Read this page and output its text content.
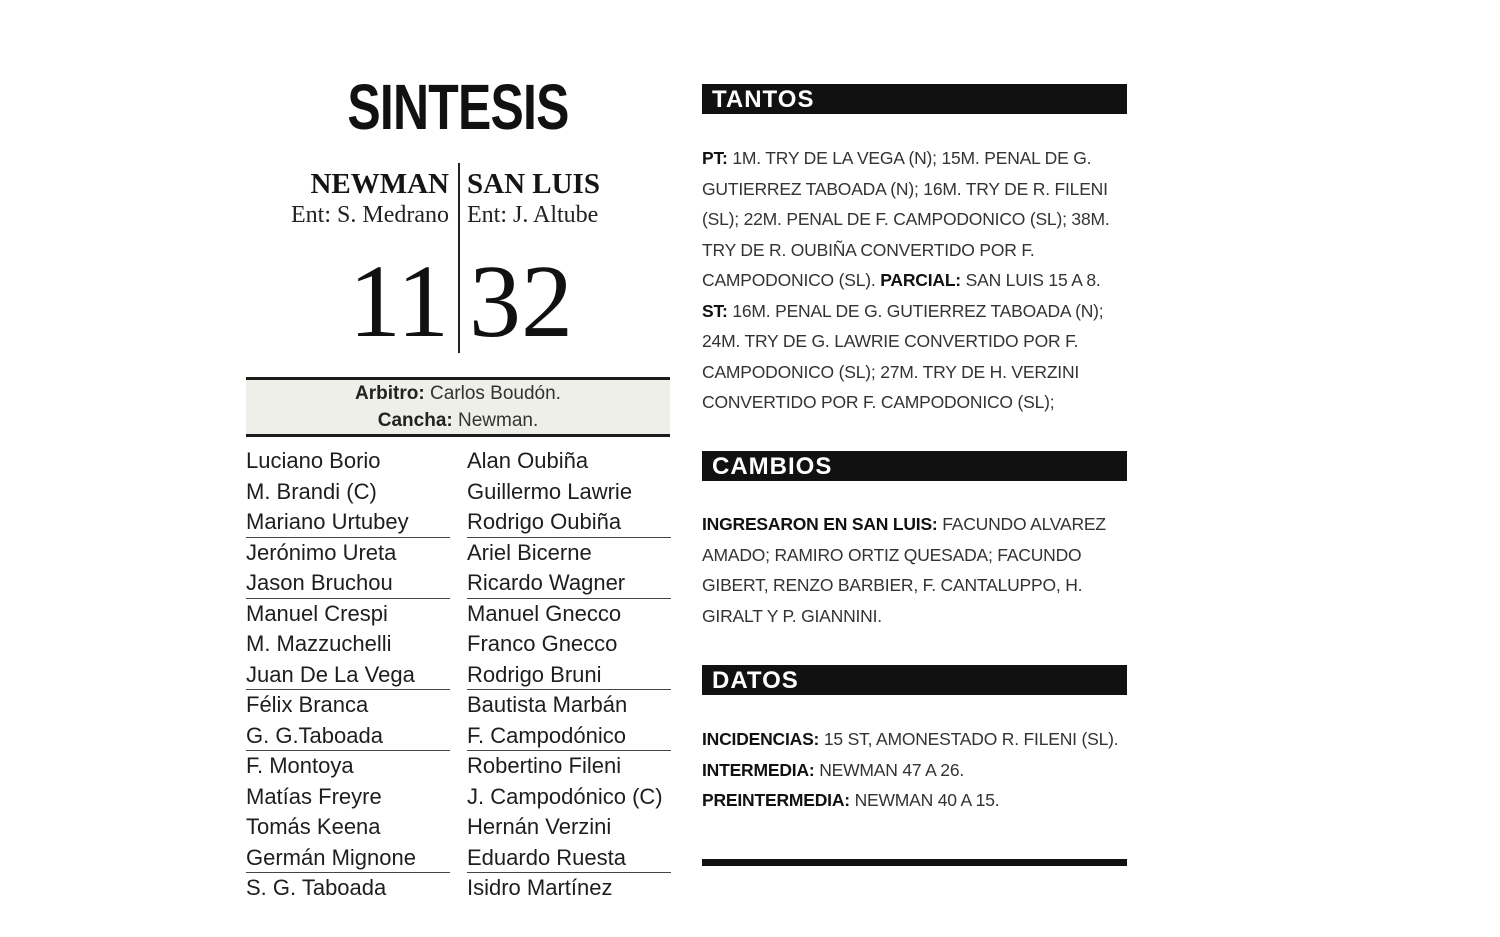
SINTESIS
NEWMAN SAN LUIS
Ent: S. Medrano Ent: J. Altube
11 32
Arbitro: Carlos Boudón.
Cancha: Newman.
Luciano Borio
M. Brandi (C)
Mariano Urtubey
Jerónimo Ureta
Jason Bruchou
Manuel Crespi
M. Mazzuchelli
Juan De La Vega
Félix Branca
G. G.Taboada
F. Montoya
Matías Freyre
Tomás Keena
Germán Mignone
S. G. Taboada
Alan Oubiña
Guillermo Lawrie
Rodrigo Oubiña
Ariel Bicerne
Ricardo Wagner
Manuel Gnecco
Franco Gnecco
Rodrigo Bruni
Bautista Marbán
F. Campodónico
Robertino Fileni
J. Campodónico (C)
Hernán Verzini
Eduardo Ruesta
Isidro Martínez
TANTOS
PT: 1M. TRY DE LA VEGA (N); 15M. PENAL DE G. GUTIERREZ TABOADA (N); 16M. TRY DE R. FILENI (SL); 22M. PENAL DE F. CAMPODONICO (SL); 38M. TRY DE R. OUBIÑA CONVERTIDO POR F. CAMPODONICO (SL). PARCIAL: SAN LUIS 15 A 8. ST: 16M. PENAL DE G. GUTIERREZ TABOADA (N); 24M. TRY DE G. LAWRIE CONVERTIDO POR F. CAMPODONICO (SL); 27M. TRY DE H. VERZINI CONVERTIDO POR F. CAMPODONICO (SL);
CAMBIOS
INGRESARON EN SAN LUIS: FACUNDO ALVAREZ AMADO; RAMIRO ORTIZ QUESADA; FACUNDO GIBERT, RENZO BARBIER, F. CANTALUPPO, H. GIRALT Y P. GIANNINI.
DATOS
INCIDENCIAS: 15 ST, AMONESTADO R. FILENI (SL).
INTERMEDIA: NEWMAN 47 A 26.
PREINTERMEDIA: NEWMAN 40 A 15.
